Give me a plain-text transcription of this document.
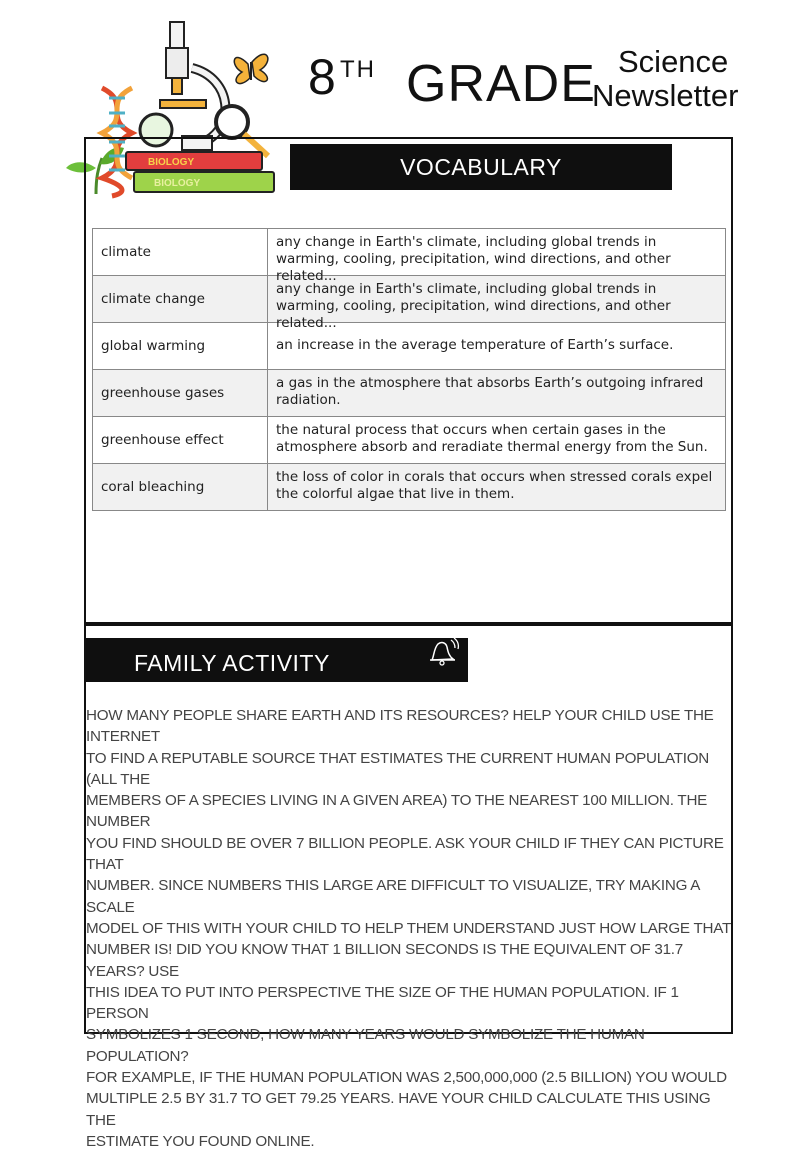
BIOLOGY
BIOLOGY
8 TH GRADE Science
Newsletter
VOCABULARY
climate	any change in Earth's climate, including global trends in warming, cooling, precipitation, wind directions, and other related...

climate change	any change in Earth's climate, including global trends in warming, cooling, precipitation, wind directions, and other related...

global warming	an increase in the average temperature of Earth’s surface.

greenhouse gases	a gas in the atmosphere that absorbs Earth’s outgoing infrared radiation.

greenhouse effect	the natural process that occurs when certain gases in the atmosphere absorb and reradiate thermal energy from the Sun.

coral bleaching	the loss of color in corals that occurs when stressed corals expel the colorful algae that live in them.
FAMILY ACTIVITY
HOW MANY PEOPLE SHARE EARTH AND ITS RESOURCES? HELP YOUR CHILD USE THE INTERNET
TO FIND A REPUTABLE SOURCE THAT ESTIMATES THE CURRENT HUMAN POPULATION (ALL THE
MEMBERS OF A SPECIES LIVING IN A GIVEN AREA) TO THE NEAREST 100 MILLION. THE NUMBER
YOU FIND SHOULD BE OVER 7 BILLION PEOPLE. ASK YOUR CHILD IF THEY CAN PICTURE THAT
NUMBER. SINCE NUMBERS THIS LARGE ARE DIFFICULT TO VISUALIZE, TRY MAKING A SCALE
MODEL OF THIS WITH YOUR CHILD TO HELP THEM UNDERSTAND JUST HOW LARGE THAT
NUMBER IS! DID YOU KNOW THAT 1 BILLION SECONDS IS THE EQUIVALENT OF 31.7 YEARS? USE
THIS IDEA TO PUT INTO PERSPECTIVE THE SIZE OF THE HUMAN POPULATION. IF 1 PERSON
SYMBOLIZES 1 SECOND, HOW MANY YEARS WOULD SYMBOLIZE THE HUMAN POPULATION?
FOR EXAMPLE, IF THE HUMAN POPULATION WAS 2,500,000,000 (2.5 BILLION) YOU WOULD
MULTIPLE 2.5 BY 31.7 TO GET 79.25 YEARS. HAVE YOUR CHILD CALCULATE THIS USING THE
ESTIMATE YOU FOUND ONLINE.
